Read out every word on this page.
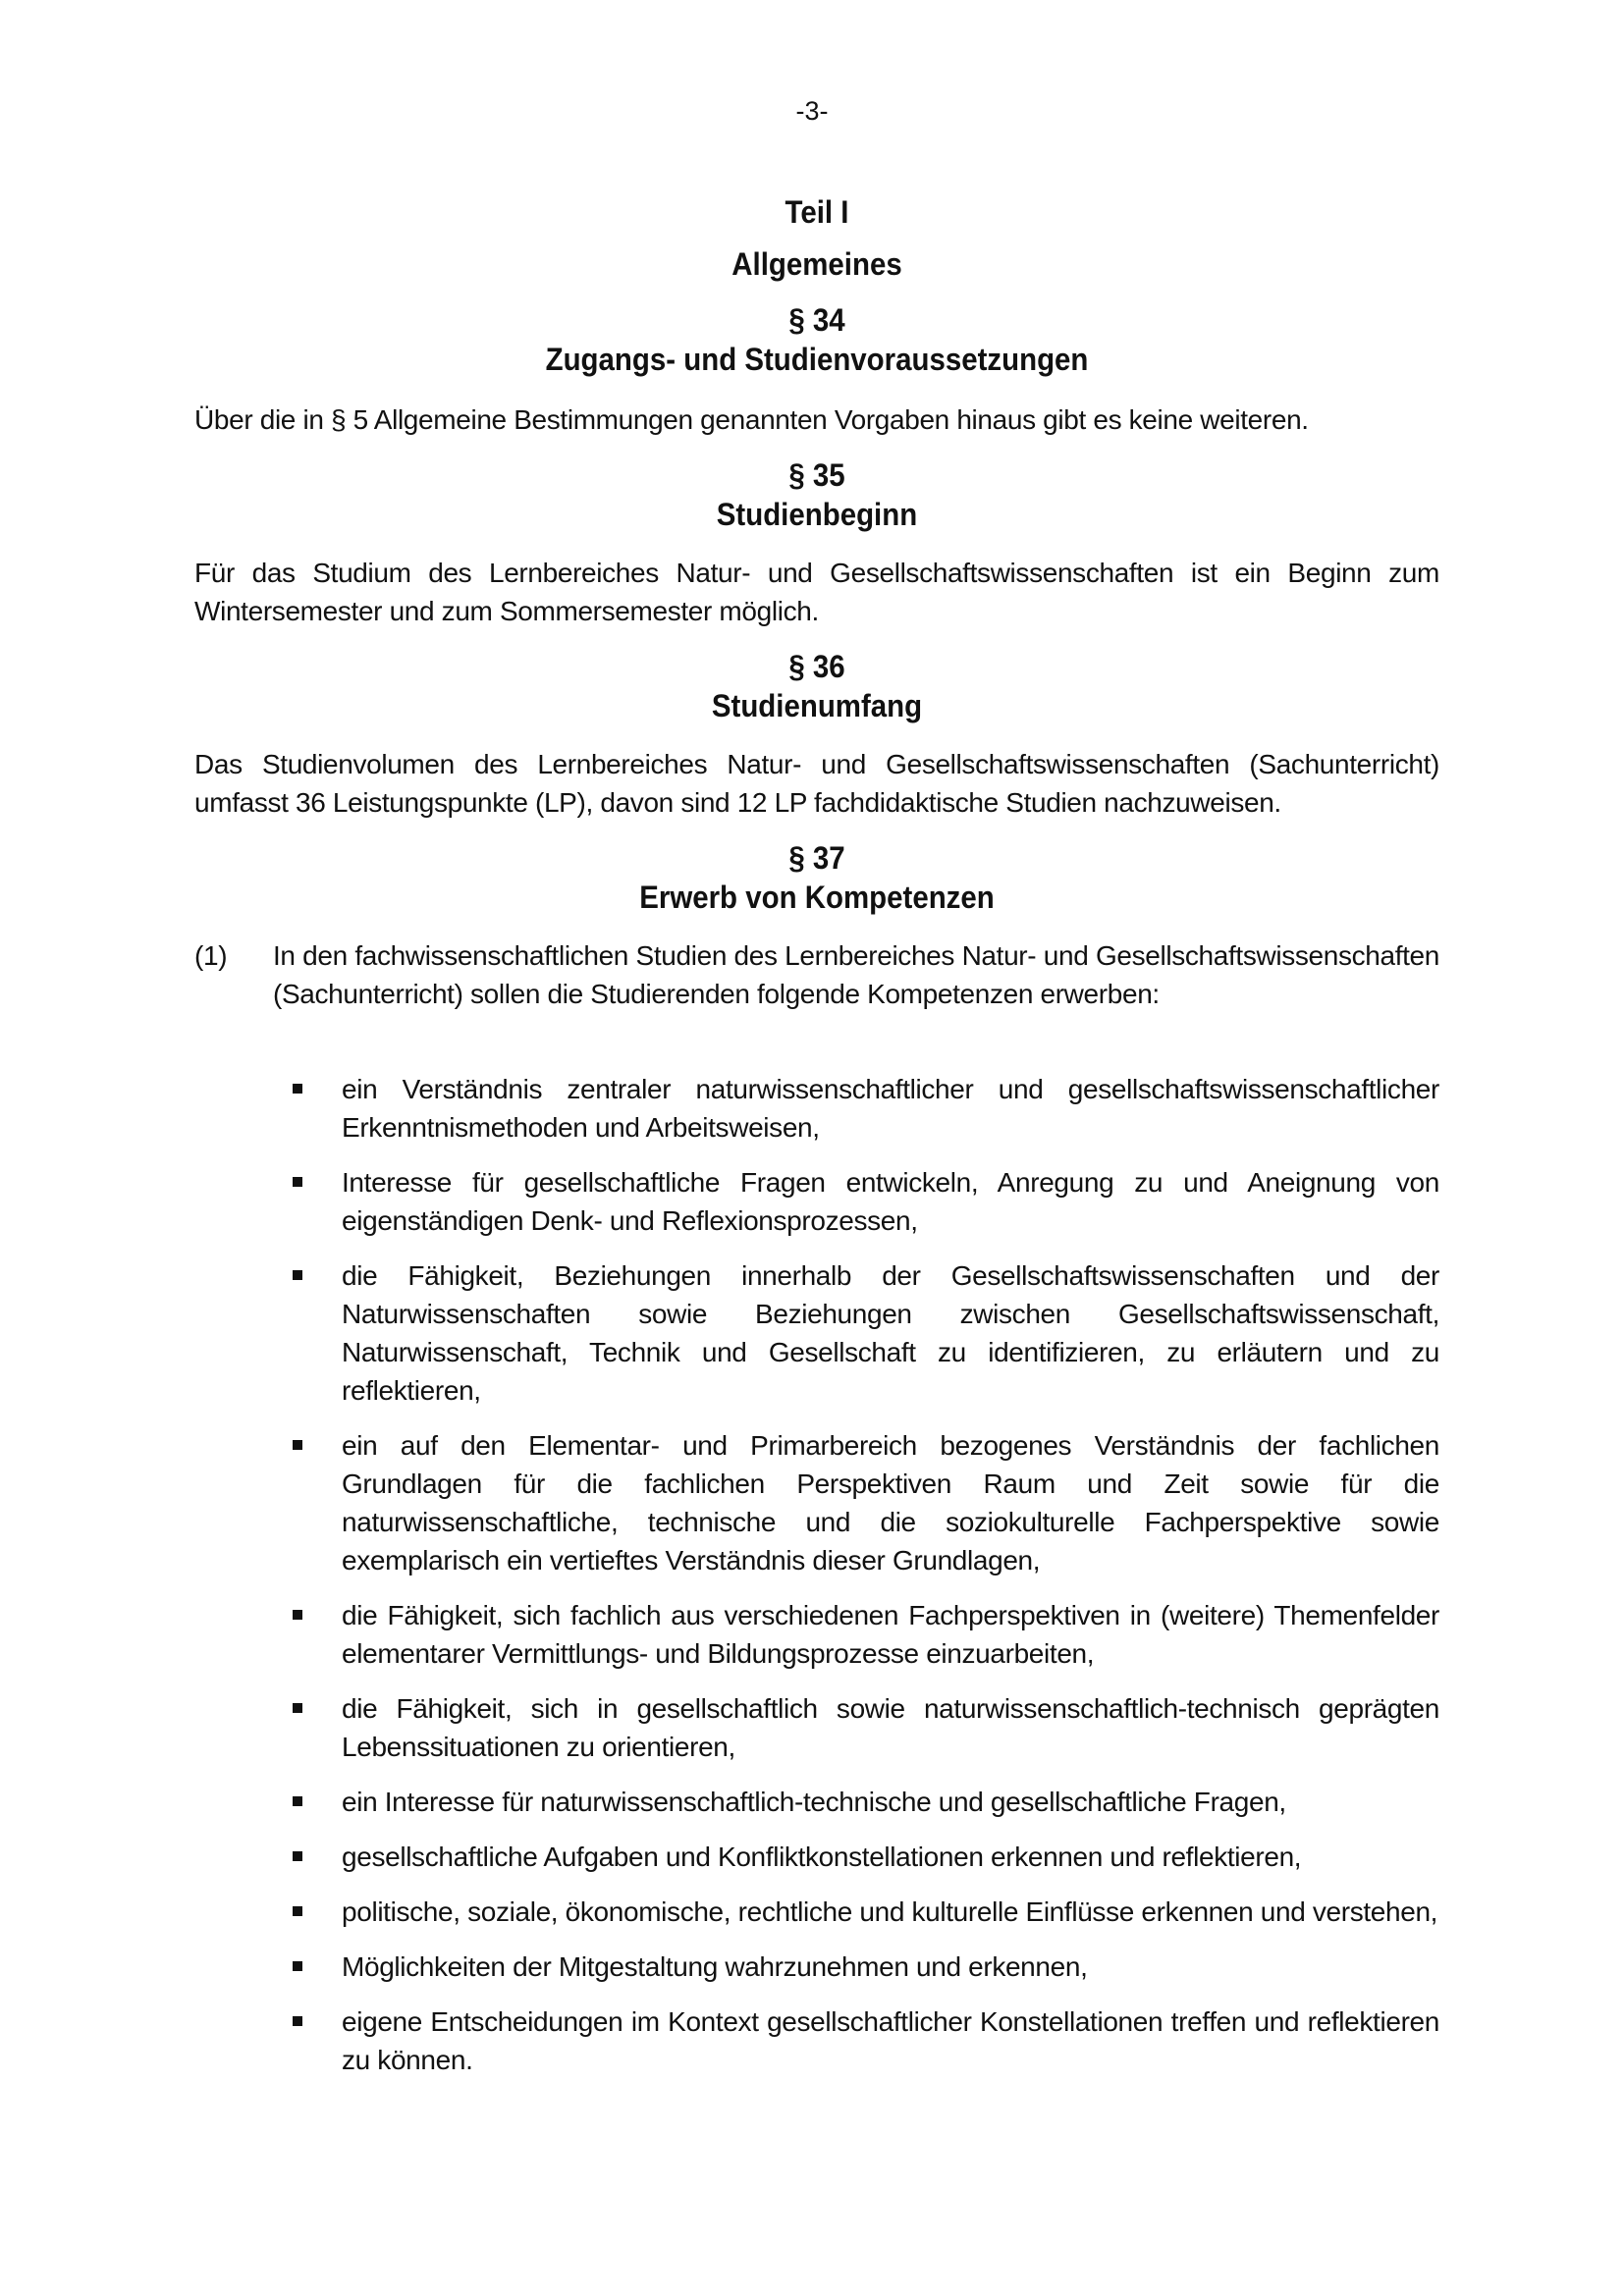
-3-

Teil I

Allgemeines

§ 34

Zugangs- und Studienvoraussetzungen

Über die in § 5 Allgemeine Bestimmungen genannten Vorgaben hinaus gibt es keine weiteren.

§ 35

Studienbeginn

Für das Studium des Lernbereiches Natur- und Gesellschaftswissenschaften ist ein Beginn zum Wintersemester und zum Sommersemester möglich.

§ 36

Studienumfang

Das Studienvolumen des Lernbereiches Natur- und Gesellschaftswissenschaften (Sachunterricht) umfasst 36 Leistungspunkte (LP), davon sind 12 LP fachdidaktische Studien nachzuweisen.

§ 37

Erwerb von Kompetenzen

(1) In den fachwissenschaftlichen Studien des Lernbereiches Natur- und Gesellschaftswissenschaften (Sachunterricht) sollen die Studierenden folgende Kompetenzen erwerben:
ein Verständnis zentraler naturwissenschaftlicher und gesellschaftswissenschaftlicher Erkenntnismethoden und Arbeitsweisen,
Interesse für gesellschaftliche Fragen entwickeln, Anregung zu und Aneignung von eigenständigen Denk- und Reflexionsprozessen,
die Fähigkeit, Beziehungen innerhalb der Gesellschaftswissenschaften und der Naturwissenschaften sowie Beziehungen zwischen Gesellschaftswissenschaft, Naturwissenschaft, Technik und Gesellschaft zu identifizieren, zu erläutern und zu reflektieren,
ein auf den Elementar- und Primarbereich bezogenes Verständnis der fachlichen Grundlagen für die fachlichen Perspektiven Raum und Zeit sowie für die naturwissenschaftliche, technische und die soziokulturelle Fachperspektive sowie exemplarisch ein vertieftes Verständnis dieser Grundlagen,
die Fähigkeit, sich fachlich aus verschiedenen Fachperspektiven in (weitere) Themenfelder elementarer Vermittlungs- und Bildungsprozesse einzuarbeiten,
die Fähigkeit, sich in gesellschaftlich sowie naturwissenschaftlich-technisch geprägten Lebenssituationen zu orientieren,
ein Interesse für naturwissenschaftlich-technische und gesellschaftliche Fragen,
gesellschaftliche Aufgaben und Konfliktkonstellationen erkennen und reflektieren,
politische, soziale, ökonomische, rechtliche und kulturelle Einflüsse erkennen und verstehen,
Möglichkeiten der Mitgestaltung wahrzunehmen und erkennen,
eigene Entscheidungen im Kontext gesellschaftlicher Konstellationen treffen und reflektieren zu können.
